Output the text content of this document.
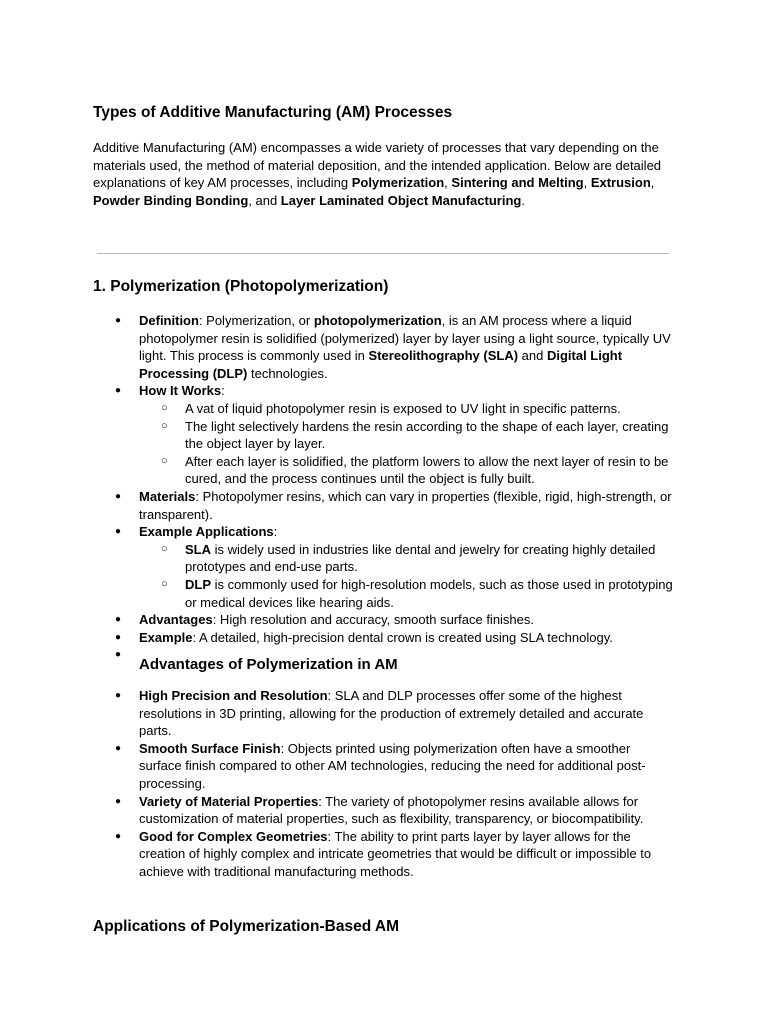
Types of Additive Manufacturing (AM) Processes

Additive Manufacturing (AM) encompasses a wide variety of processes that vary depending on the materials used, the method of material deposition, and the intended application. Below are detailed explanations of key AM processes, including Polymerization, Sintering and Melting, Extrusion, Powder Binding Bonding, and Layer Laminated Object Manufacturing.

1. Polymerization (Photopolymerization)
● Definition: Polymerization, or photopolymerization, is an AM process where a liquid photopolymer resin is solidified (polymerized) layer by layer using a light source, typically UV light. This process is commonly used in Stereolithography (SLA) and Digital Light Processing (DLP) technologies.
● How It Works:
○ A vat of liquid photopolymer resin is exposed to UV light in specific patterns.
○ The light selectively hardens the resin according to the shape of each layer, creating the object layer by layer.
○ After each layer is solidified, the platform lowers to allow the next layer of resin to be cured, and the process continues until the object is fully built.
● Materials: Photopolymer resins, which can vary in properties (flexible, rigid, high-strength, or transparent).
● Example Applications:
○ SLA is widely used in industries like dental and jewelry for creating highly detailed prototypes and end-use parts.
○ DLP is commonly used for high-resolution models, such as those used in prototyping or medical devices like hearing aids.
● Advantages: High resolution and accuracy, smooth surface finishes.
● Example: A detailed, high-precision dental crown is created using SLA technology.
●
Advantages of Polymerization in AM
● High Precision and Resolution: SLA and DLP processes offer some of the highest resolutions in 3D printing, allowing for the production of extremely detailed and accurate parts.
● Smooth Surface Finish: Objects printed using polymerization often have a smoother surface finish compared to other AM technologies, reducing the need for additional post-processing.
● Variety of Material Properties: The variety of photopolymer resins available allows for customization of material properties, such as flexibility, transparency, or biocompatibility.
● Good for Complex Geometries: The ability to print parts layer by layer allows for the creation of highly complex and intricate geometries that would be difficult or impossible to achieve with traditional manufacturing methods.
Applications of Polymerization-Based AM
